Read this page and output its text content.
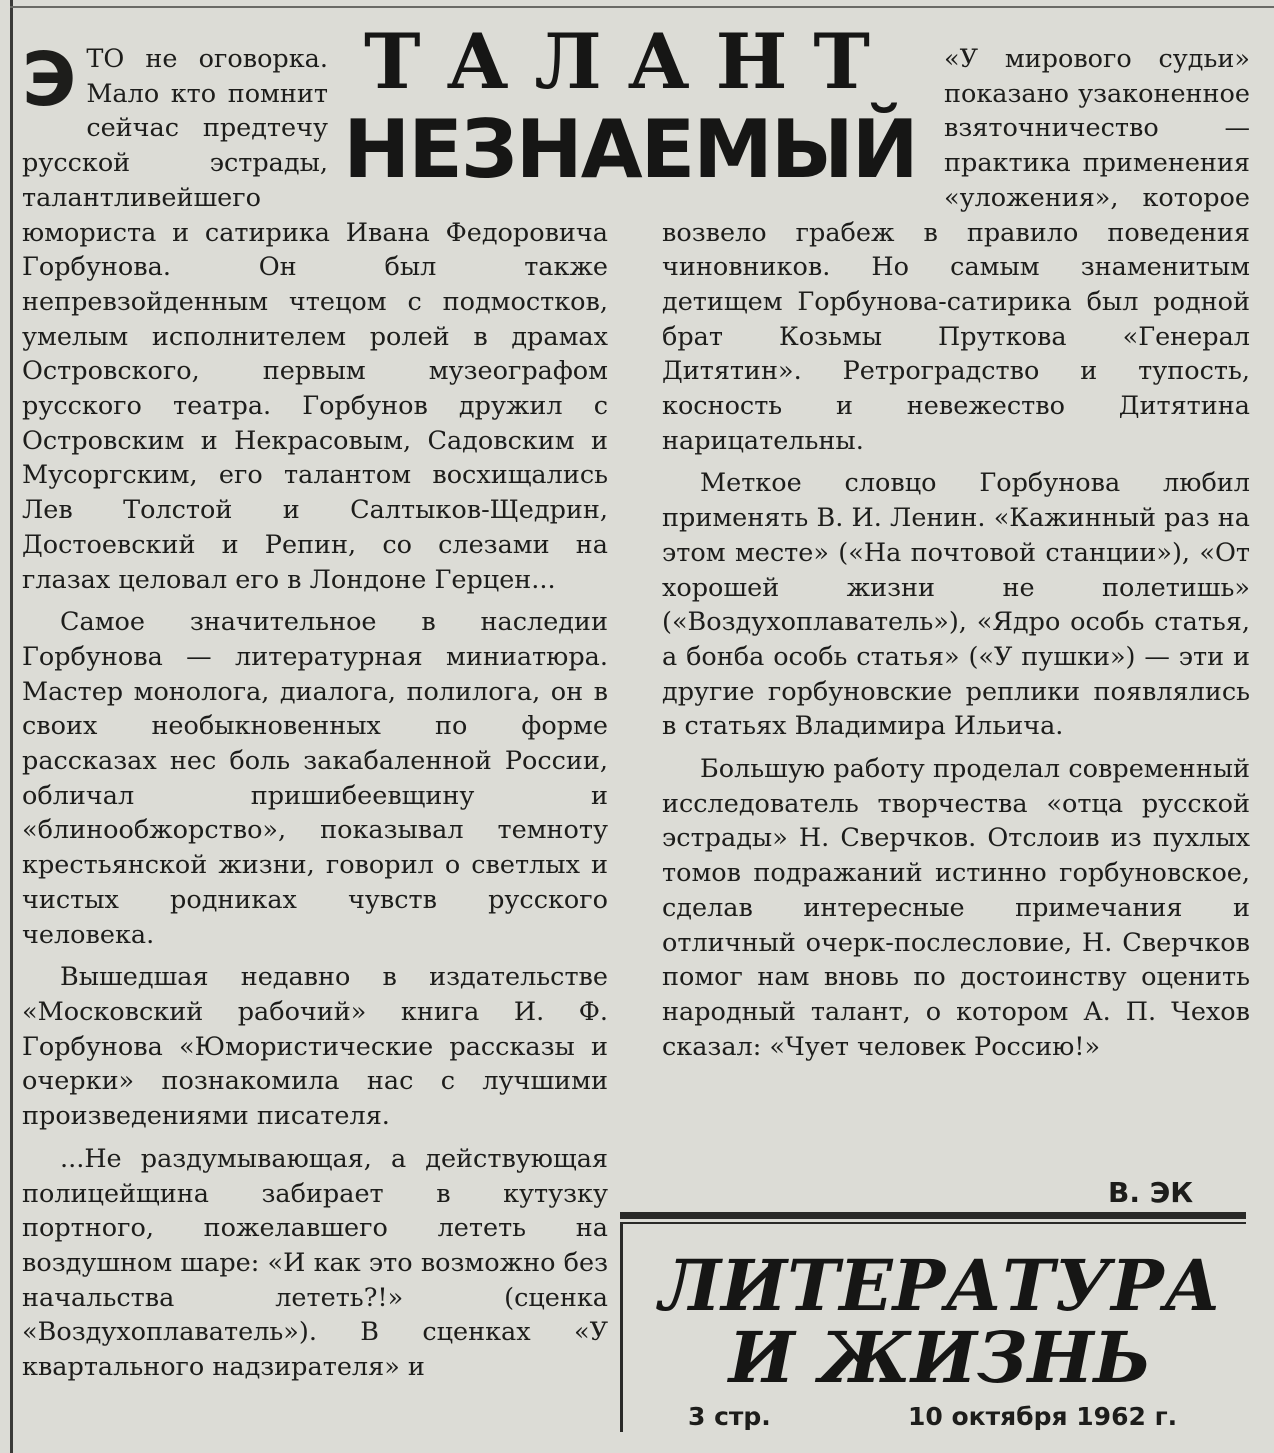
ТАЛАНТ
НЕЗНАЕМЫЙ
Э ТО не оговорка. Мало кто помнит сейчас предтечу русской эстрады, талантливейшего юмориста и сатирика Ивана Федоровича Горбунова. Он был также непревзойденным чтецом с подмостков, умелым исполнителем ролей в драмах Островского, первым музеографом русского театра. Горбунов дружил с Островским и Некрасовым, Садовским и Мусоргским, его талантом восхищались Лев Толстой и Салтыков-Щедрин, Достоевский и Репин, со слезами на глазах целовал его в Лондоне Герцен...

Самое значительное в наследии Горбунова — литературная миниатюра. Мастер монолога, диалога, полилога, он в своих необыкновенных по форме рассказах нес боль закабаленной России, обличал пришибеевщину и «блинообжорство», показывал темноту крестьянской жизни, говорил о светлых и чистых родниках чувств русского человека.

Вышедшая недавно в издательстве «Московский рабочий» книга И. Ф. Горбунова «Юмористические рассказы и очерки» познакомила нас с лучшими произведениями писателя.

...Не раздумывающая, а действующая полицейщина забирает в кутузку портного, пожелавшего лететь на воздушном шаре: «И как это возможно без начальства лететь?!» (сценка «Воздухоплаватель»). В сценках «У квартального надзирателя» и

«У мирового судьи» показано узаконенное взяточничество — практика применения «уложения», которое возвело грабеж в правило поведения чиновников. Но самым знаменитым детищем Горбунова-сатирика был родной брат Козьмы Пруткова «Генерал Дитятин». Ретроградство и тупость, косность и невежество Дитятина нарицательны.

Меткое словцо Горбунова любил применять В. И. Ленин. «Кажинный раз на этом месте» («На почтовой станции»), «От хорошей жизни не полетишь» («Воздухоплаватель»), «Ядро особь статья, а бонба особь статья» («У пушки») — эти и другие горбуновские реплики появлялись в статьях Владимира Ильича.

Большую работу проделал современный исследователь творчества «отца русской эстрады» Н. Сверчков. Отслоив из пухлых томов подражаний истинно горбуновское, сделав интересные примечания и отличный очерк-послесловие, Н. Сверчков помог нам вновь по достоинству оценить народный талант, о котором А. П. Чехов сказал: «Чует человек Россию!»

В. ЭК
ЛИТЕРАТУРА
И ЖИЗНЬ
3 стр.	10 октября 1962 г.
